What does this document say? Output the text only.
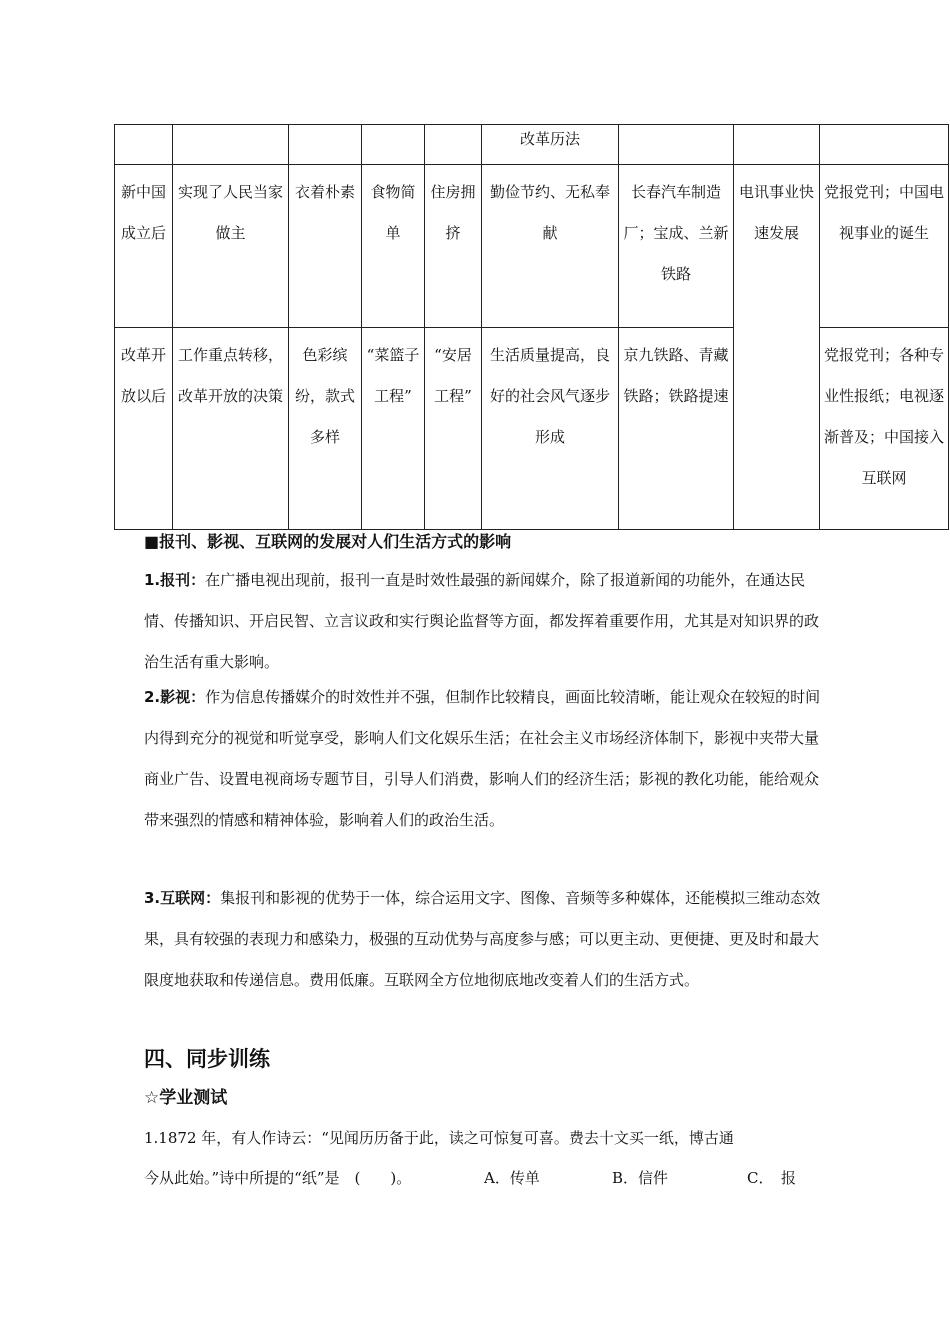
					改革历法			
新中国成立后	实现了人民当家做主	衣着朴素	食物简单	住房拥挤	勤俭节约、无私奉献	长春汽车制造厂；宝成、兰新铁路	电讯事业快速发展	党报党刊；中国电视事业的诞生
改革开放以后	工作重点转移，改革开放的决策	色彩缤纷，款式多样	“菜篮子工程”	“安居工程”	生活质量提高，良好的社会风气逐步形成	京九铁路、青藏铁路；铁路提速		党报党刊；各种专业性报纸；电视逐渐普及；中国接入互联网
■报刊、影视、互联网的发展对人们生活方式的影响

1.报刊：在广播电视出现前，报刊一直是时效性最强的新闻媒介，除了报道新闻的功能外，在通达民情、传播知识、开启民智、立言议政和实行舆论监督等方面，都发挥着重要作用，尤其是对知识界的政治生活有重大影响。

2.影视：作为信息传播媒介的时效性并不强，但制作比较精良，画面比较清晰，能让观众在较短的时间内得到充分的视觉和听觉享受，影响人们文化娱乐生活；在社会主义市场经济体制下，影视中夹带大量商业广告、设置电视商场专题节目，引导人们消费，影响人们的经济生活；影视的教化功能，能给观众带来强烈的情感和精神体验，影响着人们的政治生活。

3.互联网：集报刊和影视的优势于一体，综合运用文字、图像、音频等多种媒体，还能模拟三维动态效果，具有较强的表现力和感染力，极强的互动优势与高度参与感；可以更主动、更便捷、更及时和最大限度地获取和传递信息。费用低廉。互联网全方位地彻底地改变着人们的生活方式。

四、同步训练
☆学业测试
1.1872 年，有人作诗云：“见闻历历备于此，读之可惊复可喜。费去十文买一纸，博古通
今从此始。”诗中所提的“纸”是　(　　)。	A．传单	B．信件	C．　报
